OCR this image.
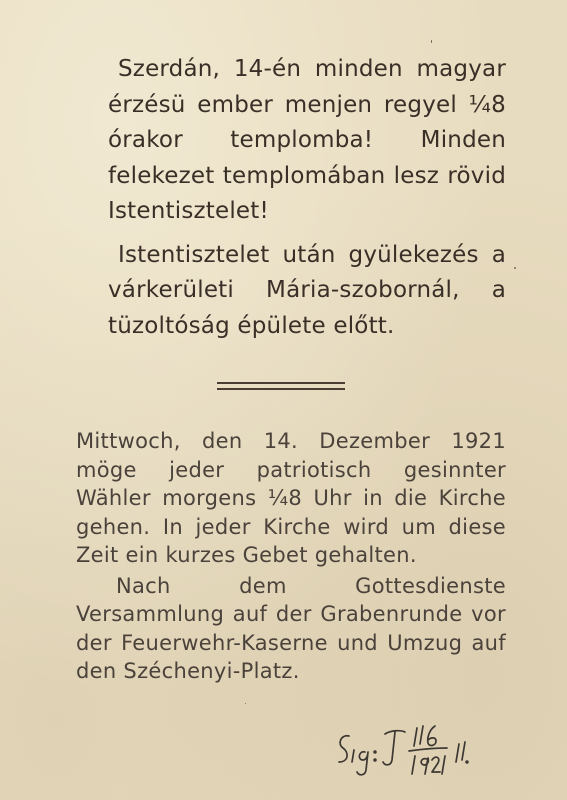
Szerdán, 14-én minden magyar érzésü ember menjen regyel ¼8 órakor templomba! Minden felekezet templomában lesz rövid Istentisztelet!

Istentisztelet után gyülekezés a várkerületi Mária-szobornál, a tüzoltóság épülete előtt.

Mittwoch, den 14. Dezember 1921 möge jeder patriotisch gesinnter Wähler morgens ¼8 Uhr in die Kirche gehen. In jeder Kirche wird um diese Zeit ein kurzes Gebet gehalten.

Nach dem Gottesdienste Versammlung auf der Grabenrunde vor der Feuerwehr-Kaserne und Umzug auf den Széchenyi-Platz.
